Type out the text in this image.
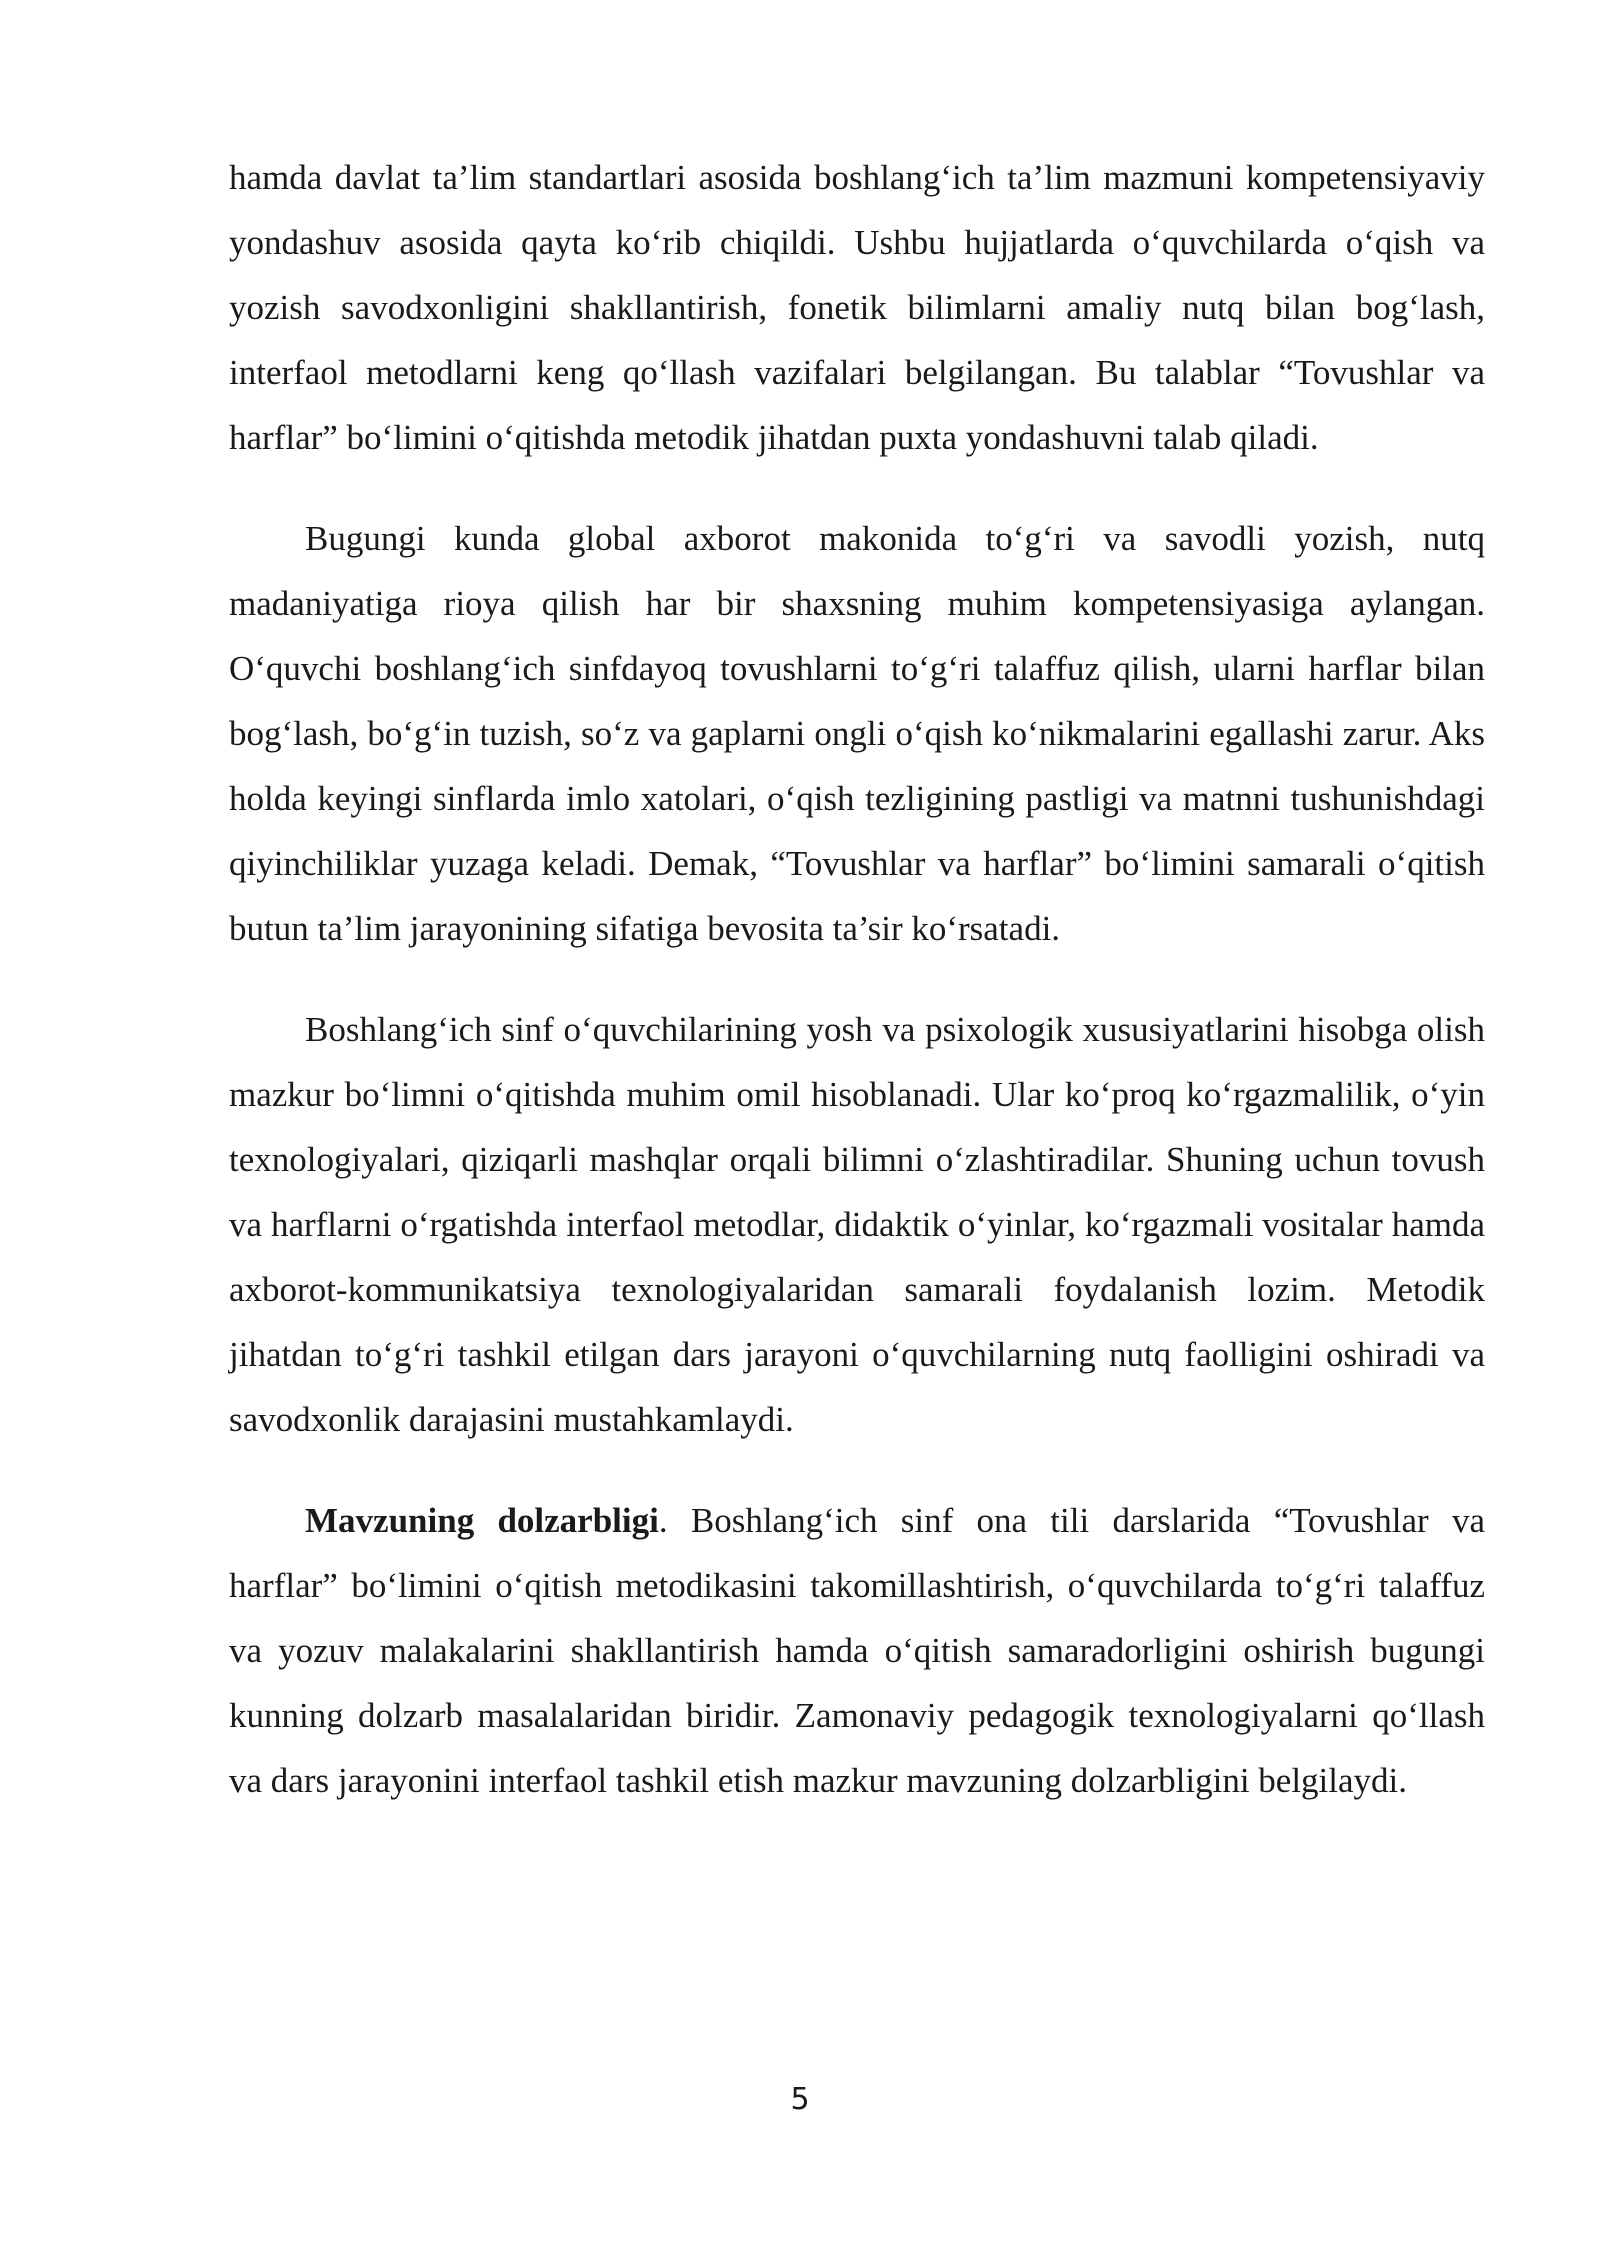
hamda davlat ta’lim standartlari asosida boshlang‘ich ta’lim mazmuni kompetensiyaviy yondashuv asosida qayta ko‘rib chiqildi. Ushbu hujjatlarda o‘quvchilarda o‘qish va yozish savodxonligini shakllantirish, fonetik bilimlarni amaliy nutq bilan bog‘lash, interfaol metodlarni keng qo‘llash vazifalari belgilangan. Bu talablar “Tovushlar va harflar” bo‘limini o‘qitishda metodik jihatdan puxta yondashuvni talab qiladi.

Bugungi kunda global axborot makonida to‘g‘ri va savodli yozish, nutq madaniyatiga rioya qilish har bir shaxsning muhim kompetensiyasiga aylangan. O‘quvchi boshlang‘ich sinfdayoq tovushlarni to‘g‘ri talaffuz qilish, ularni harflar bilan bog‘lash, bo‘g‘in tuzish, so‘z va gaplarni ongli o‘qish ko‘nikmalarini egallashi zarur. Aks holda keyingi sinflarda imlo xatolari, o‘qish tezligining pastligi va matnni tushunishdagi qiyinchiliklar yuzaga keladi. Demak, “Tovushlar va harflar” bo‘limini samarali o‘qitish butun ta’lim jarayonining sifatiga bevosita ta’sir ko‘rsatadi.

Boshlang‘ich sinf o‘quvchilarining yosh va psixologik xususiyatlarini hisobga olish mazkur bo‘limni o‘qitishda muhim omil hisoblanadi. Ular ko‘proq ko‘rgazmalilik, o‘yin texnologiyalari, qiziqarli mashqlar orqali bilimni o‘zlashtiradilar. Shuning uchun tovush va harflarni o‘rgatishda interfaol metodlar, didaktik o‘yinlar, ko‘rgazmali vositalar hamda axborot-kommunikatsiya texnologiyalaridan samarali foydalanish lozim. Metodik jihatdan to‘g‘ri tashkil etilgan dars jarayoni o‘quvchilarning nutq faolligini oshiradi va savodxonlik darajasini mustahkamlaydi.

Mavzuning dolzarbligi. Boshlang‘ich sinf ona tili darslarida “Tovushlar va harflar” bo‘limini o‘qitish metodikasini takomillashtirish, o‘quvchilarda to‘g‘ri talaffuz va yozuv malakalarini shakllantirish hamda o‘qitish samaradorligini oshirish bugungi kunning dolzarb masalalaridan biridir. Zamonaviy pedagogik texnologiyalarni qo‘llash va dars jarayonini interfaol tashkil etish mazkur mavzuning dolzarbligini belgilaydi.

5
